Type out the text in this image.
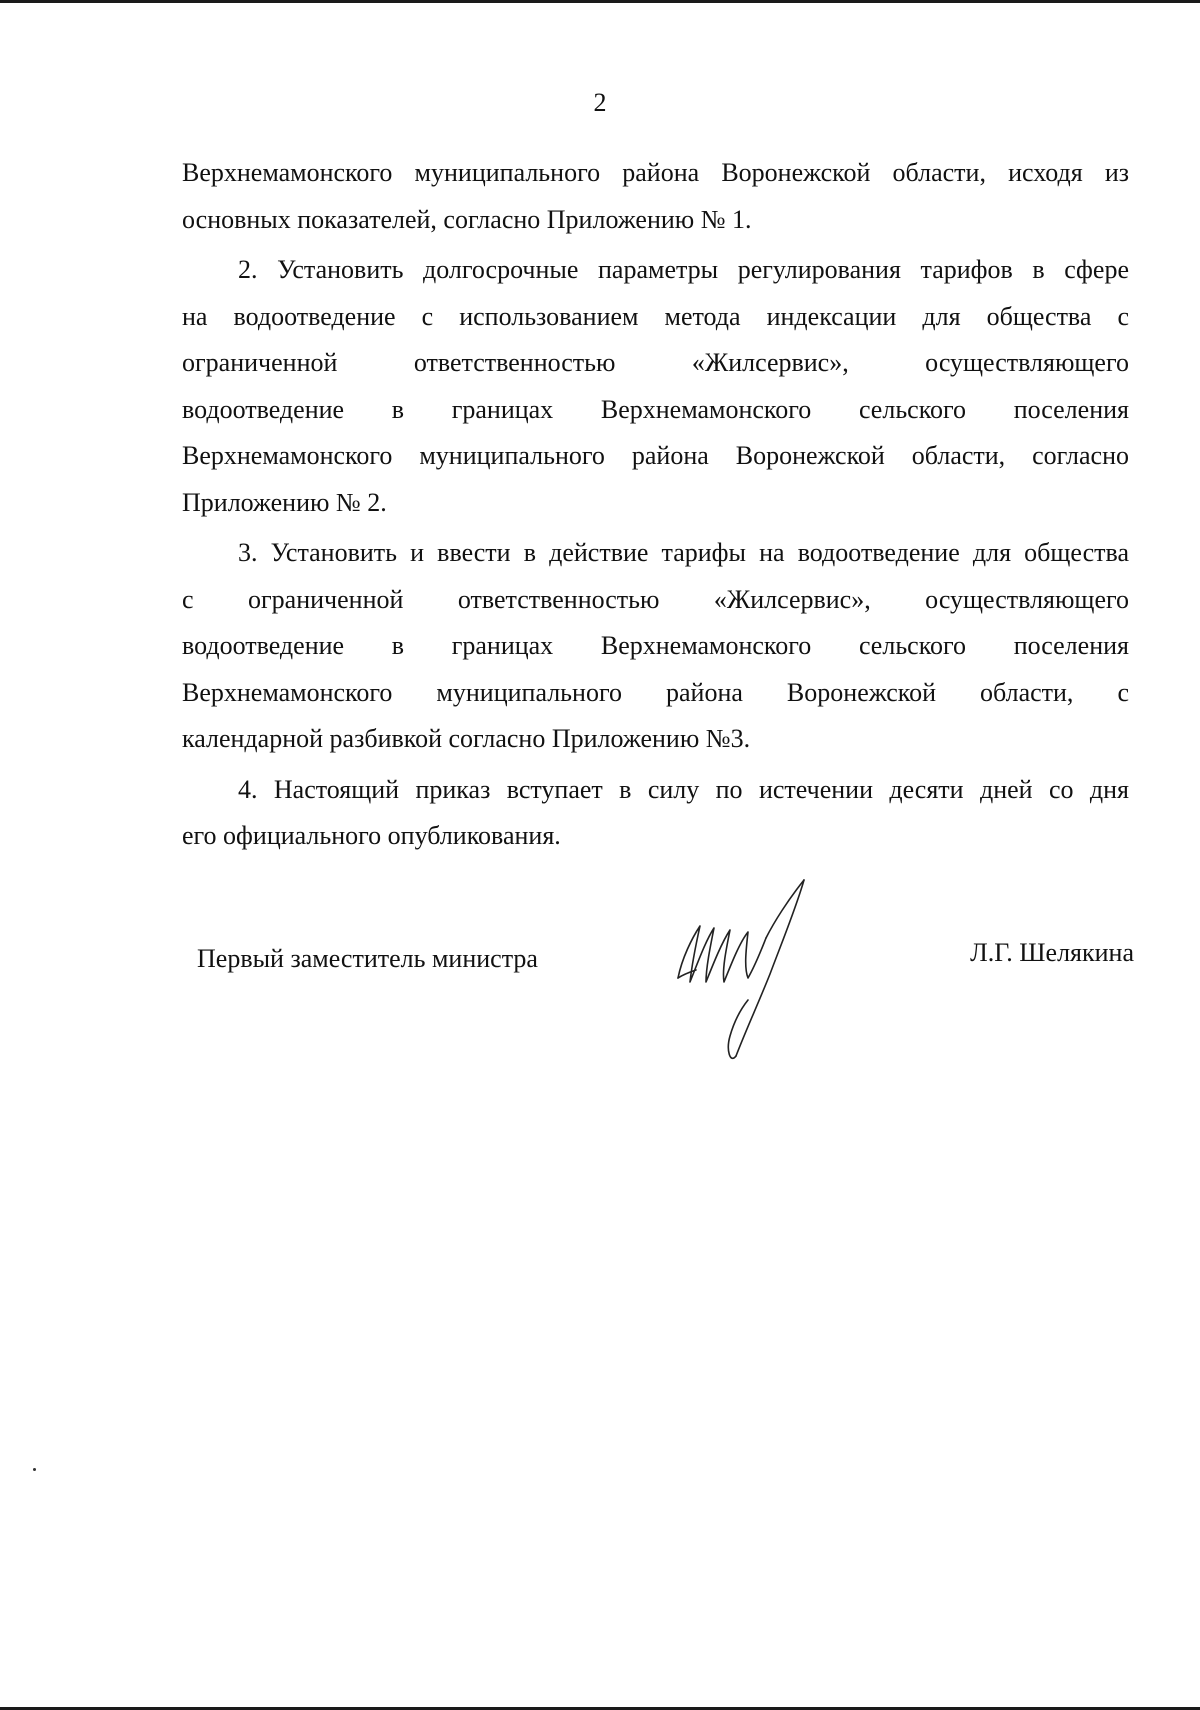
2
Верхнемамонского муниципального района Воронежской области, исходя из
основных показателей, согласно Приложению № 1.
2. Установить долгосрочные параметры регулирования тарифов в сфере
на водоотведение с использованием метода индексации для общества с
ограниченной ответственностью «Жилсервис», осуществляющего
водоотведение в границах Верхнемамонского сельского поселения
Верхнемамонского муниципального района Воронежской области, согласно
Приложению № 2.
3. Установить и ввести в действие тарифы на водоотведение для общества
с ограниченной ответственностью «Жилсервис», осуществляющего
водоотведение в границах Верхнемамонского сельского поселения
Верхнемамонского муниципального района Воронежской области, с
календарной разбивкой согласно Приложению №3.
4. Настоящий приказ вступает в силу по истечении десяти дней со дня
его официального опубликования.
Первый заместитель министра	Л.Г. Шелякина
